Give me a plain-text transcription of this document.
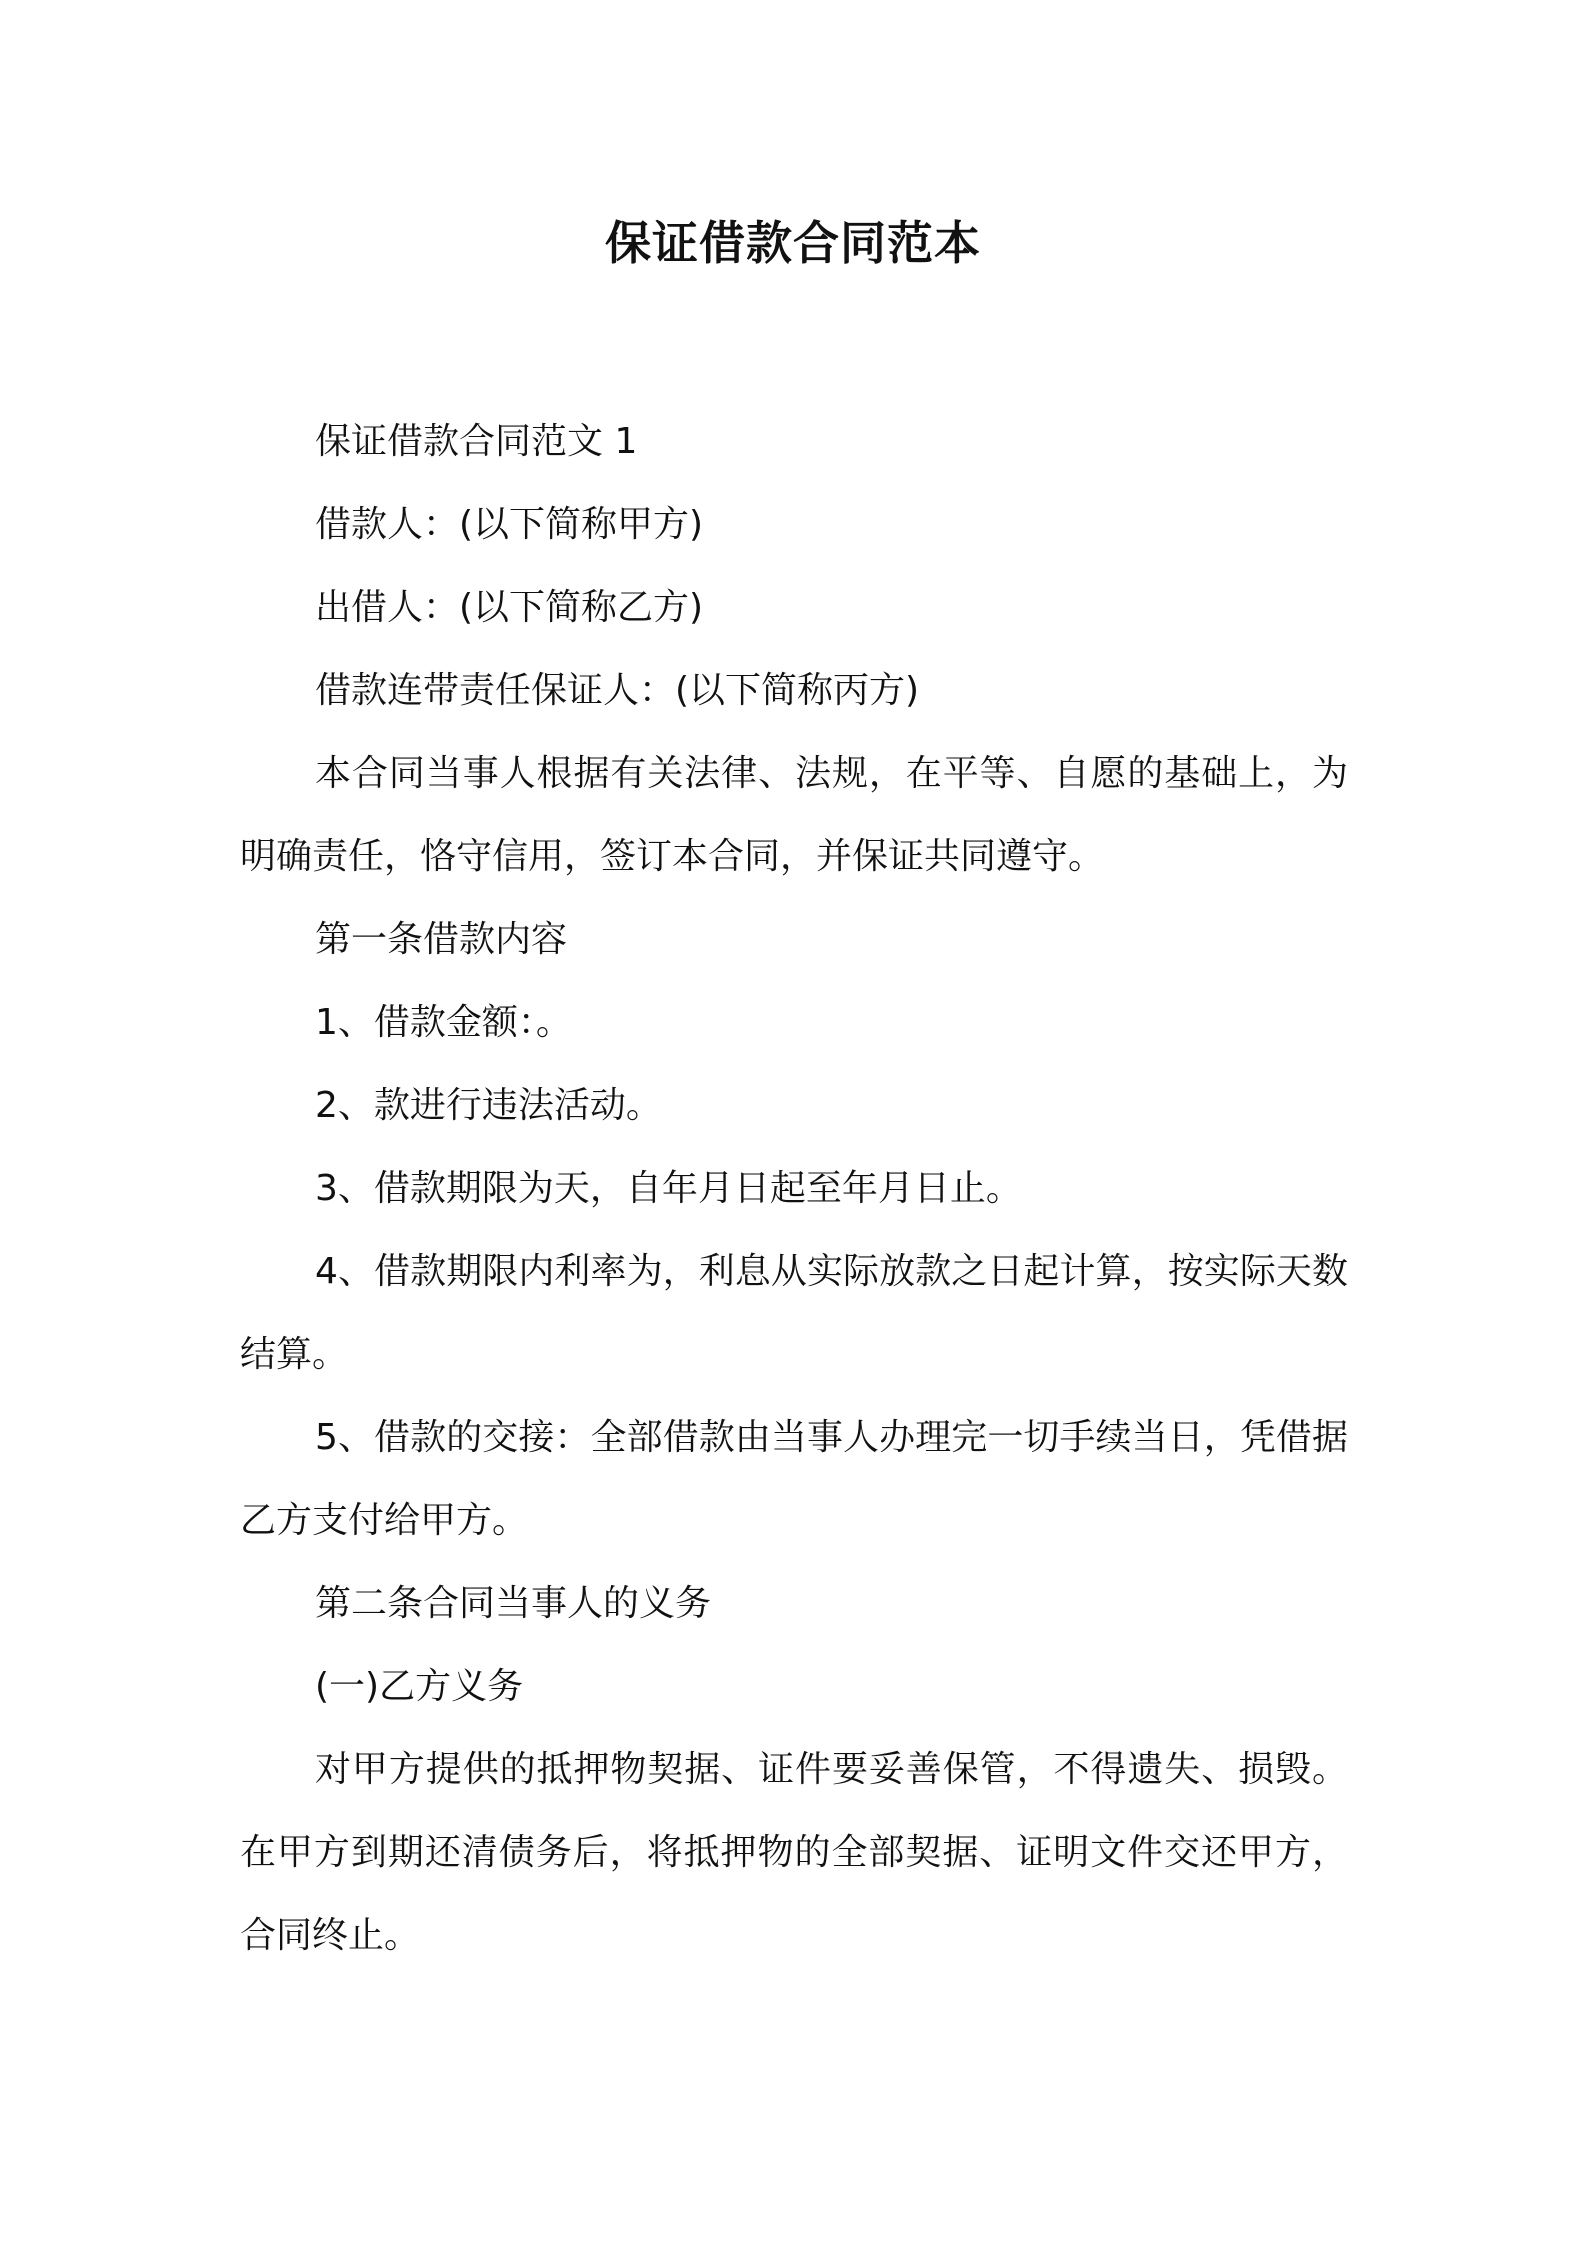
保证借款合同范本

保证借款合同范文 1

借款人：(以下简称甲方)

出借人：(以下简称乙方)

借款连带责任保证人：(以下简称丙方)

本合同当事人根据有关法律、法规，在平等、自愿的基础上，为明确责任，恪守信用，签订本合同，并保证共同遵守。

第一条借款内容

1、借款金额：。

2、款进行违法活动。

3、借款期限为天，自年月日起至年月日止。

4、借款期限内利率为，利息从实际放款之日起计算，按实际天数结算。

5、借款的交接：全部借款由当事人办理完一切手续当日，凭借据乙方支付给甲方。

第二条合同当事人的义务

(一)乙方义务

对甲方提供的抵押物契据、证件要妥善保管，不得遗失、损毁。在甲方到期还清债务后，将抵押物的全部契据、证明文件交还甲方，合同终止。
